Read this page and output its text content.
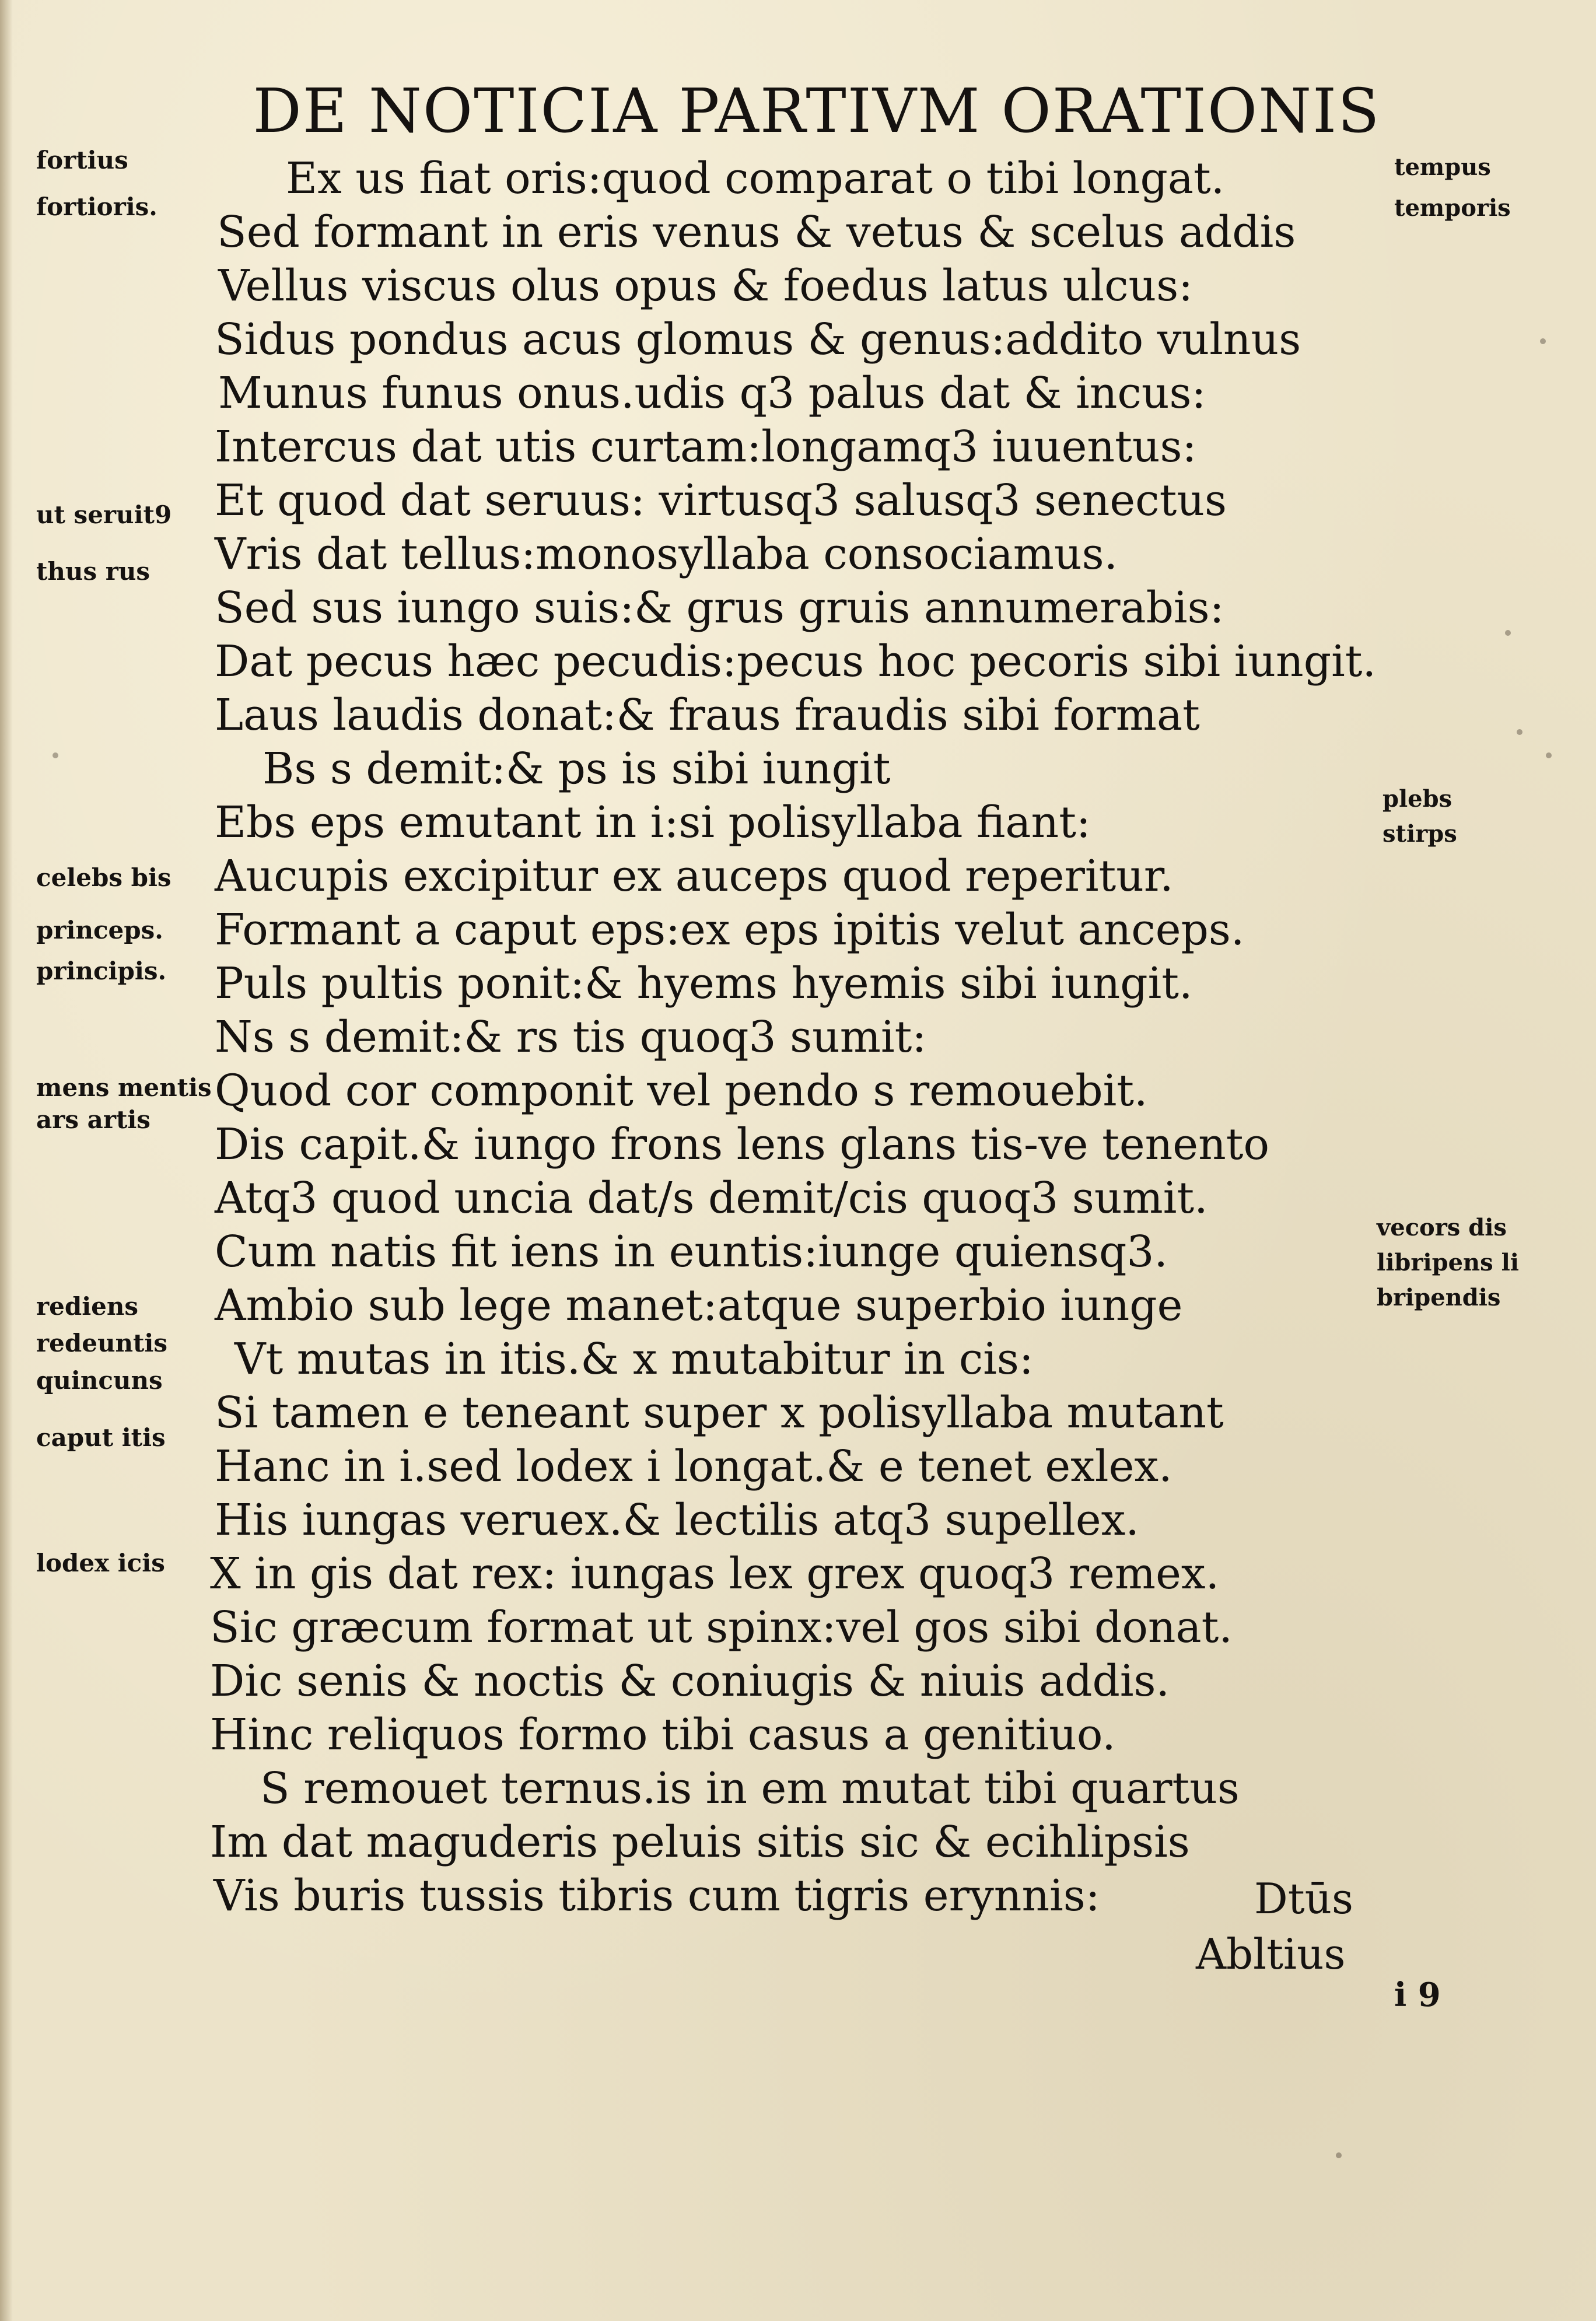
DE NOTICIA PARTIVM ORATIONIS
Ex us fiat oris:quod comparat o tibi longat.
Sed formant in eris venus & vetus & scelus addis
Vellus viscus olus opus & foedus latus ulcus:
Sidus pondus acus glomus & genus:addito vulnus
Munus funus onus.udis q3 palus dat & incus:
Intercus dat utis curtam:longamq3 iuuentus:
Et quod dat seruus: virtusq3 salusq3 senectus
Vris dat tellus:monosyllaba consociamus.
Sed sus iungo suis:& grus gruis annumerabis:
Dat pecus hæc pecudis:pecus hoc pecoris sibi iungit.
Laus laudis donat:& fraus fraudis sibi format
Bs s demit:& ps is sibi iungit
Ebs eps emutant in i:si polisyllaba fiant:
Aucupis excipitur ex auceps quod reperitur.
Formant a caput eps:ex eps ipitis velut anceps.
Puls pultis ponit:& hyems hyemis sibi iungit.
Ns s demit:& rs tis quoq3 sumit:
Quod cor componit vel pendo s remouebit.
Dis capit.& iungo frons lens glans tis-ve tenento
Atq3 quod uncia dat/s demit/cis quoq3 sumit.
Cum natis fit iens in euntis:iunge quiensq3.
Ambio sub lege manet:atque superbio iunge
Vt mutas in itis.& x mutabitur in cis:
Si tamen e teneant super x polisyllaba mutant
Hanc in i.sed lodex i longat.& e tenet exlex.
His iungas veruex.& lectilis atq3 supellex.
X in gis dat rex: iungas lex grex quoq3 remex.
Sic græcum format ut spinx:vel gos sibi donat.
Dic senis & noctis & coniugis & niuis addis.
Hinc reliquos formo tibi casus a genitiuo.
S remouet ternus.is in em mutat tibi quartus
Im dat maguderis peluis sitis sic & ecihlipsis
Vis buris tussis tibris cum tigris erynnis:
fortius
fortioris.
ut seruit9
thus rus
celebs bis
princeps.
principis.
mens mentis
ars artis
rediens
redeuntis
quincuns
caput itis
lodex icis
tempus
temporis
plebs
stirps
vecors dis
libripens li
bripendis
Dtūs
Abltius
i 9
